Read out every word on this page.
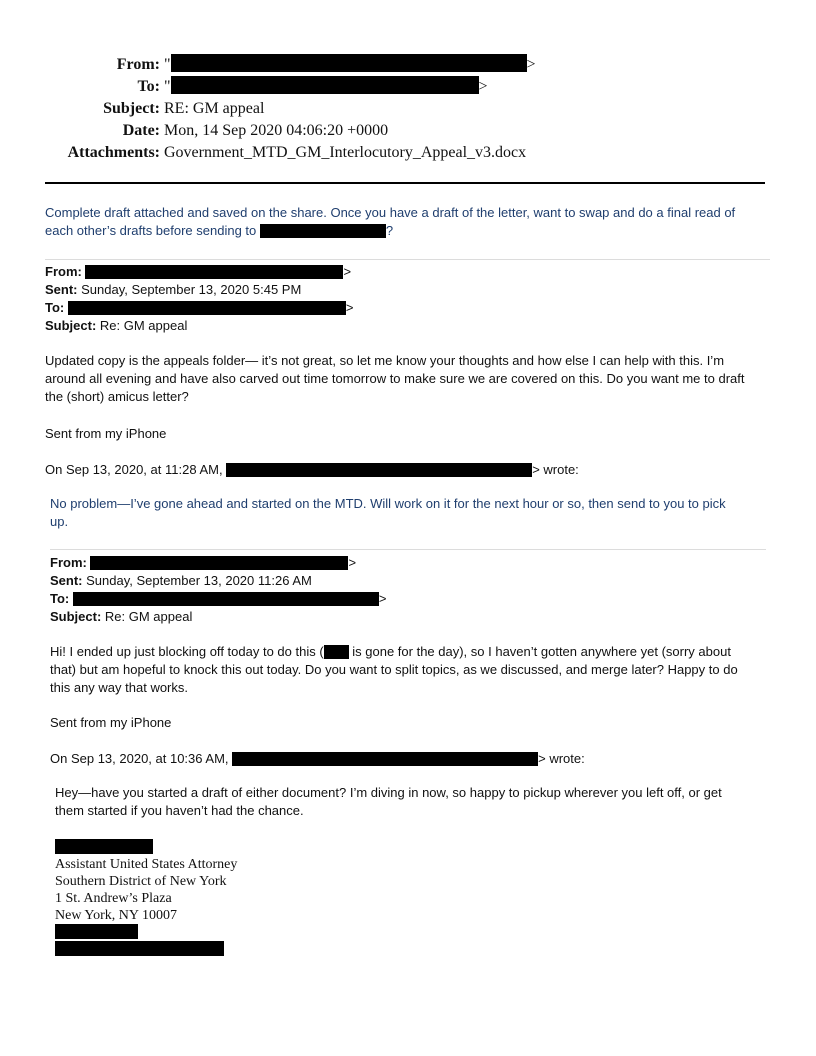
From: "	>
To: "	>
Subject: RE: GM appeal
Date: Mon, 14 Sep 2020 04:06:20 +0000
Attachments: Government_MTD_GM_Interlocutory_Appeal_v3.docx
Complete draft attached and saved on the share. Once you have a draft of the letter, want to swap and do a final read of
each other’s drafts before sending to	?
From:	>
Sent: Sunday, September 13, 2020 5:45 PM
To:	>
Subject: Re: GM appeal
Updated copy is the appeals folder— it’s not great, so let me know your thoughts and how else I can help with this. I’m
around all evening and have also carved out time tomorrow to make sure we are covered on this. Do you want me to draft
the (short) amicus letter?
Sent from my iPhone
On Sep 13, 2020, at 11:28 AM,	> wrote:
No problem—I’ve gone ahead and started on the MTD. Will work on it for the next hour or so, then send to you to pick
up.
From:	>
Sent: Sunday, September 13, 2020 11:26 AM
To:	>
Subject: Re: GM appeal
Hi! I ended up just blocking off today to do this ( is gone for the day), so I haven’t gotten anywhere yet (sorry about
that) but am hopeful to knock this out today. Do you want to split topics, as we discussed, and merge later? Happy to do
this any way that works.
Sent from my iPhone
On Sep 13, 2020, at 10:36 AM,	> wrote:
Hey—have you started a draft of either document? I’m diving in now, so happy to pickup wherever you left off, or get
them started if you haven’t had the chance.
Assistant United States Attorney
Southern District of New York
1 St. Andrew’s Plaza
New York, NY 10007
